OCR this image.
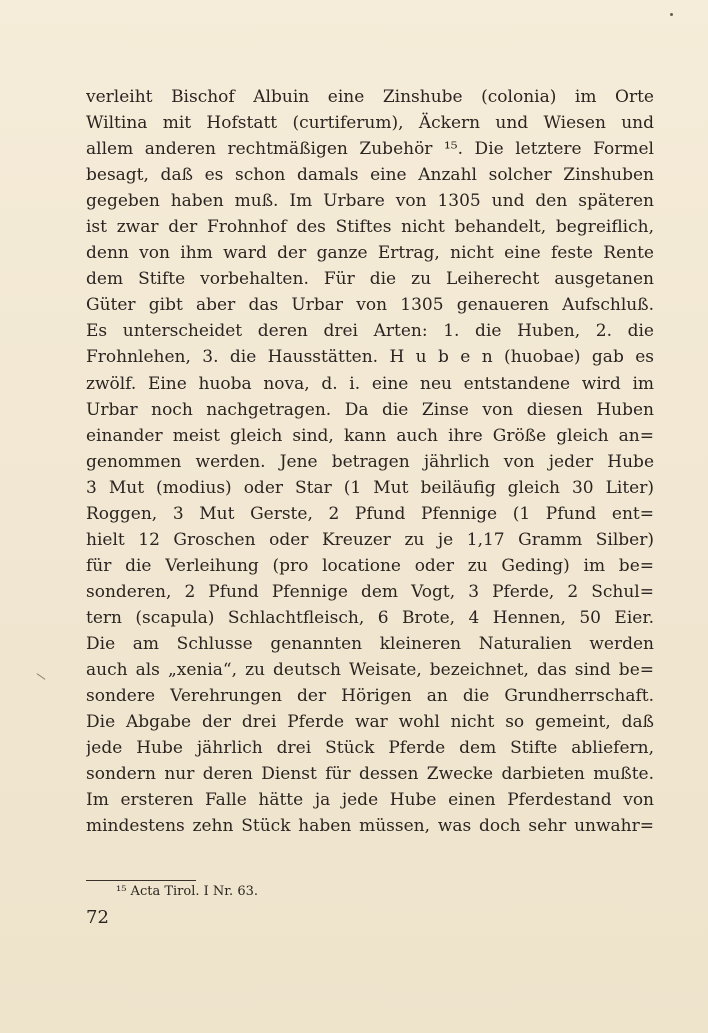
verleiht Bischof Albuin eine Zinshube (colonia) im Orte
Wiltina mit Hofstatt (curtiferum), Äckern und Wiesen und
allem anderen rechtmäßigen Zubehör ¹⁵. Die letztere Formel
besagt, daß es schon damals eine Anzahl solcher Zinshuben
gegeben haben muß. Im Urbare von 1305 und den späteren
ist zwar der Frohnhof des Stiftes nicht behandelt, begreiflich,
denn von ihm ward der ganze Ertrag, nicht eine feste Rente
dem Stifte vorbehalten. Für die zu Leiherecht ausgetanen
Güter gibt aber das Urbar von 1305 genaueren Aufschluß.
Es unterscheidet deren drei Arten: 1. die Huben, 2. die
Frohnlehen, 3. die Hausstätten. H u b e n (huobae) gab es
zwölf. Eine huoba nova, d. i. eine neu entstandene wird im
Urbar noch nachgetragen. Da die Zinse von diesen Huben
einander meist gleich sind, kann auch ihre Größe gleich an=
genommen werden. Jene betragen jährlich von jeder Hube
3 Mut (modius) oder Star (1 Mut beiläufig gleich 30 Liter)
Roggen, 3 Mut Gerste, 2 Pfund Pfennige (1 Pfund ent=
hielt 12 Groschen oder Kreuzer zu je 1,17 Gramm Silber)
für die Verleihung (pro locatione oder zu Geding) im be=
sonderen, 2 Pfund Pfennige dem Vogt, 3 Pferde, 2 Schul=
tern (scapula) Schlachtfleisch, 6 Brote, 4 Hennen, 50 Eier.
Die am Schlusse genannten kleineren Naturalien werden
auch als „xenia“, zu deutsch Weisate, bezeichnet, das sind be=
sondere Verehrungen der Hörigen an die Grundherrschaft.
Die Abgabe der drei Pferde war wohl nicht so gemeint, daß
jede Hube jährlich drei Stück Pferde dem Stifte abliefern,
sondern nur deren Dienst für dessen Zwecke darbieten mußte.
Im ersteren Falle hätte ja jede Hube einen Pferdestand von
mindestens zehn Stück haben müssen, was doch sehr unwahr=
¹⁵ Acta Tirol. I Nr. 63.
72
